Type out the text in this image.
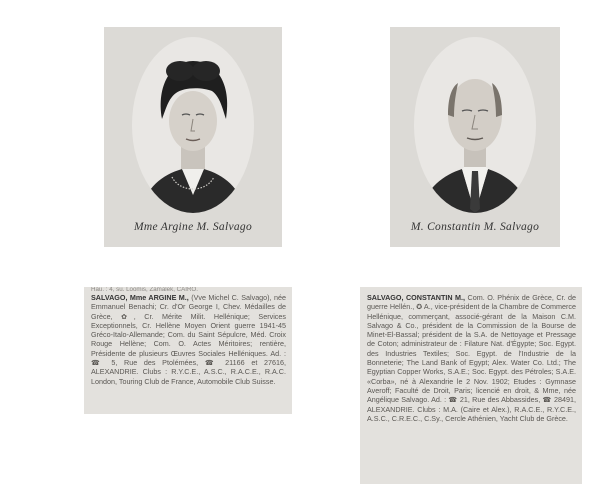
Mme Argine M. Salvago	M. Constantin M. Salvago
Hau. : 4, su. Loomis, Zamalek, CAIRO.
SALVAGO, Mme ARGINE M., (Vve Michel C. Salvago), née Emmanuel Benachi; Cr. d'Or George I, Chev. Médailles de Grèce, ✿, Cr. Mérite Milit. Hellénique; Services Exceptionnels, Cr. Hellène Moyen Orient guerre 1941-45 Gréco-Italo-Allemande; Com. du Saint Sépulcre, Méd. Croix Rouge Hellène; Com. O. Actes Méritoires; rentière, Présidente de plusieurs Œuvres Sociales Helléniques. Ad. : ☎ 5, Rue des Ptolémées, ☎ 21166 et 27616, ALEXANDRIE. Clubs : R.Y.C.E., A.S.C., R.A.C.E., R.A.C. London, Touring Club de France, Automobile Club Suisse.
SALVAGO, CONSTANTIN M., Com. O. Phénix de Grèce, Cr. de guerre Hellén., ✪ A., vice-président de la Chambre de Commerce Hellénique, commerçant, associé-gérant de la Maison C.M. Salvago & Co., président de la Commission de la Bourse de Minet-El-Bassal; président de la S.A. de Nettoyage et Pressage de Coton; administrateur de : Filature Nat. d'Égypte; Soc. Egypt. des Industries Textiles; Soc. Egypt. de l'Industrie de la Bonneterie; The Land Bank of Egypt; Alex. Water Co. Ltd.; The Egyptian Copper Works, S.A.E.; Soc. Egypt. des Pétroles; S.A.E. «Corba», né à Alexandrie le 2 Nov. 1902; Etudes : Gymnase Averoff; Faculté de Droit, Paris; licencié en droit, & Mme, née Angélique Salvago. Ad. : ☎ 21, Rue des Abbassides, ☎ 28491, ALEXANDRIE. Clubs : M.A. (Caire et Alex.), R.A.C.E., R.Y.C.E., A.S.C., C.R.E.C., C.Sy., Cercle Athénien, Yacht Club de Grèce.
